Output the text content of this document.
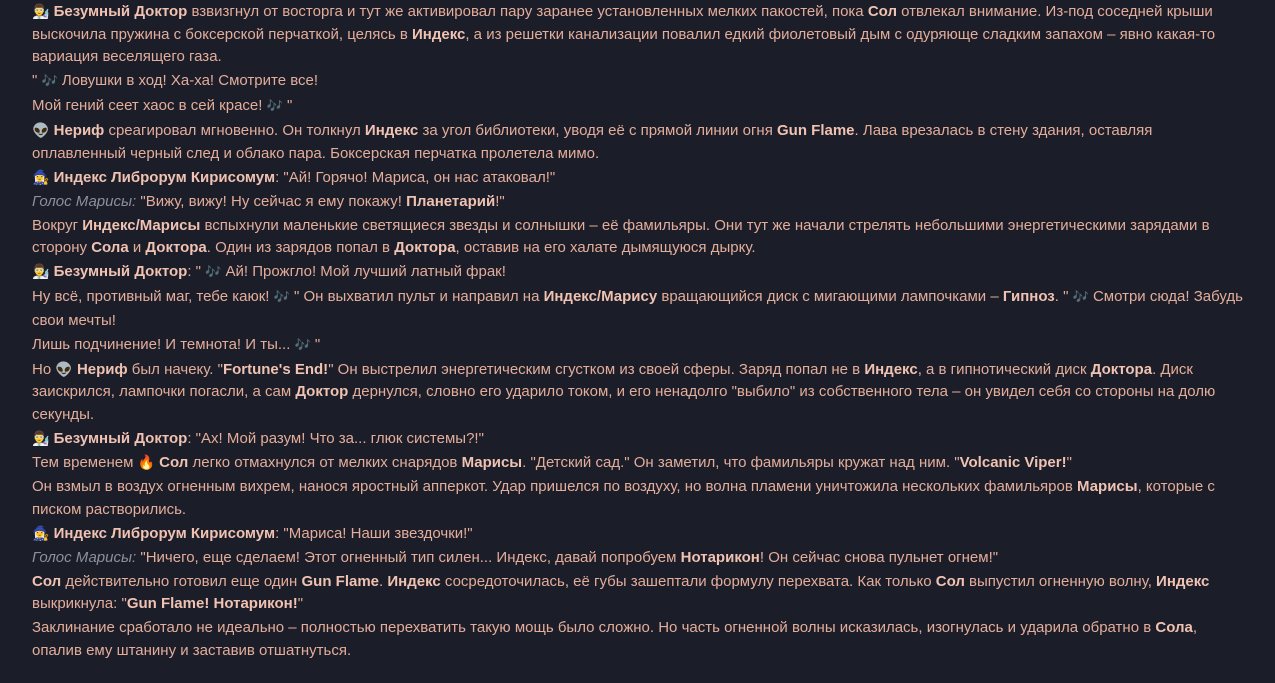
👨‍🔬 Безумный Доктор взвизгнул от восторга и тут же активировал пару заранее установленных мелких пакостей, пока Сол отвлекал внимание. Из-под соседней крыши выскочила пружина с боксерской перчаткой, целясь в Индекс, а из решетки канализации повалил едкий фиолетовый дым с одуряюще сладким запахом – явно какая-то вариация веселящего газа.
" 🎶 Ловушки в ход! Ха-ха! Смотрите все!
Мой гений сеет хаос в сей красе! 🎶 "
👽 Нериф среагировал мгновенно. Он толкнул Индекс за угол библиотеки, уводя её с прямой линии огня Gun Flame. Лава врезалась в стену здания, оставляя оплавленный черный след и облако пара. Боксерская перчатка пролетела мимо.
🧙‍♀️ Индекс Либрорум Кирисомум: "Ай! Горячо! Мариса, он нас атаковал!"
Голос Марисы: "Вижу, вижу! Ну сейчас я ему покажу! Планетарий!"
Вокруг Индекс/Марисы вспыхнули маленькие светящиеся звезды и солнышки – её фамильяры. Они тут же начали стрелять небольшими энергетическими зарядами в сторону Сола и Доктора. Один из зарядов попал в Доктора, оставив на его халате дымящуюся дырку.
👨‍🔬 Безумный Доктор: " 🎶 Ай! Прожгло! Мой лучший латный фрак!
Ну всё, противный маг, тебе каюк! 🎶 " Он выхватил пульт и направил на Индекс/Марису вращающийся диск с мигающими лампочками – Гипноз. " 🎶 Смотри сюда! Забудь свои мечты!
Лишь подчинение! И темнота! И ты... 🎶 "
Но 👽 Нериф был начеку. "Fortune's End!" Он выстрелил энергетическим сгустком из своей сферы. Заряд попал не в Индекс, а в гипнотический диск Доктора. Диск заискрился, лампочки погасли, а сам Доктор дернулся, словно его ударило током, и его ненадолго "выбило" из собственного тела – он увидел себя со стороны на долю секунды.
👨‍🔬 Безумный Доктор: "Ах! Мой разум! Что за... глюк системы?!"
Тем временем 🔥 Сол легко отмахнулся от мелких снарядов Марисы. "Детский сад." Он заметил, что фамильяры кружат над ним. "Volcanic Viper!"
Он взмыл в воздух огненным вихрем, нанося яростный апперкот. Удар пришелся по воздуху, но волна пламени уничтожила нескольких фамильяров Марисы, которые с писком растворились.
🧙‍♀️ Индекс Либрорум Кирисомум: "Мариса! Наши звездочки!"
Голос Марисы: "Ничего, еще сделаем! Этот огненный тип силен... Индекс, давай попробуем Нотарикон! Он сейчас снова пульнет огнем!"
Сол действительно готовил еще один Gun Flame. Индекс сосредоточилась, её губы зашептали формулу перехвата. Как только Сол выпустил огненную волну, Индекс выкрикнула: "Gun Flame! Нотарикон!"
Заклинание сработало не идеально – полностью перехватить такую мощь было сложно. Но часть огненной волны исказилась, изогнулась и ударила обратно в Сола, опалив ему штанину и заставив отшатнуться.
